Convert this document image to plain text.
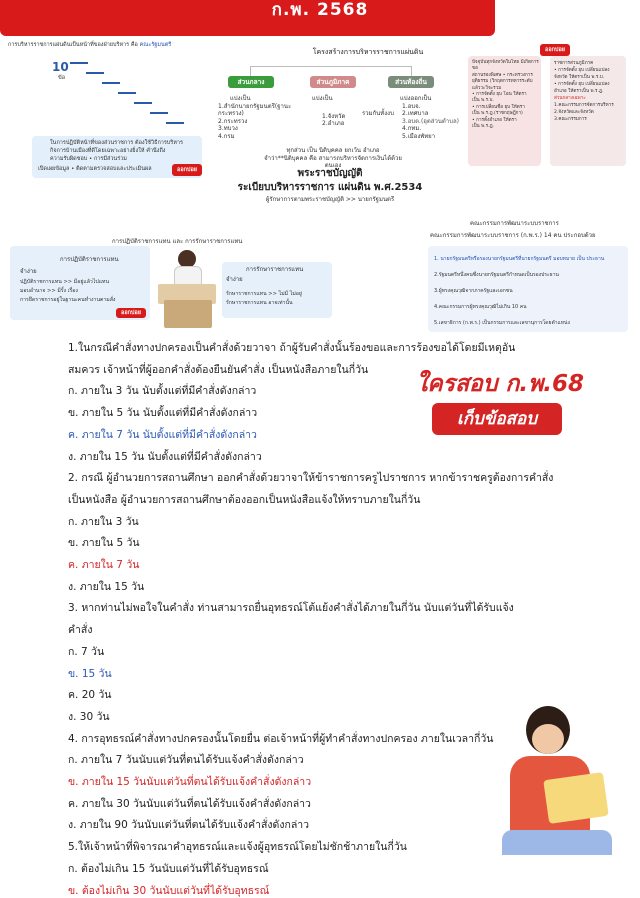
ก.พ. 2568
การบริหารราชการแผ่นดินเป็นหน้าที่ของฝ่ายบริหาร คือ คณะรัฐมนตรี
10
ข้อ
ในการปฏิบัติหน้าที่ของส่วนราชการ ต้องใช้วิธีการบริหาร
กิจการบ้านเมืองที่ดีโดยเฉพาะอย่างยิ่งให้ คำนึงถึง
ความรับผิดชอบ • การมีส่วนร่วม
เปิดเผยข้อมูล • ติดตามตรวจสอบและประเมินผล	ออกบ่อย
โครงสร้างการบริหารราชการแผ่นดิน
ส่วนกลาง	ส่วนภูมิภาค	ส่วนท้องถิ่น
แบ่งเป็น
1.สำนักนายกรัฐมนตรี(ฐานะกระทรวง)
2.กระทรวง
3.ทบวง
4.กรม
แบ่งเป็น
1.จังหวัด
2.อำเภอ
รวมกันทั้งงบ
แบ่งออกเป็น
1.อบจ.
2.เทศบาล
3.อบต.(อุตส่วนตำบล)
4.กทม.
5.เมืองพัทยา
ทุกส่วน เป็น นิติบุคคล ยกเว้น อำเภอ
จำว่า**นิติบุคคล คือ สามารถบริหารจัดการเงินได้ด้วยตนเอง
ปัจจุบันทุกจังหวัดในไทย มีเกิดการขอ
สถานรองพิเศษ • กระทรวงการ
ยุติธรรม (วิกฤตการทหารระดับ
แล้ววะวิจะรวม
• การจัดตั้ง ยุบ โอน ให้ตรา
เป็น พ.ร.บ.
• การเปลี่ยนชื่อ ยุบ ให้ตรา
เป็น พ.ร.ฎ.(ราชกฤษฎีกา)
• การตั้งอำเภอ ให้ตรา
เป็น พ.ร.ฎ.
ออกบ่อย
ราชการส่วนภูมิภาค
• การจัดตั้ง ยุบ เปลี่ยนแปลง
จังหวัด ให้ตราเป็น พ.ร.บ.
• การจัดตั้ง ยุบ เปลี่ยนแปลง
อำเภอ ให้ตราเป็น พ.ร.ฎ.
ส่วนกลางเฉพาะ
1.คณะกรรมการจัดการบริหาร
2.จังหวัดและจังหวัด
3.คณะกรรมการ
พระราชบัญญัติ
ระเบียบบริหารราชการ แผ่นดิน พ.ศ.2534
ผู้รักษาการตามพระราชบัญญัติ >> นายกรัฐมนตรี
คณะกรรมการพัฒนาระบบราชการ
คณะกรรมการพัฒนาระบบราชการ (ก.พ.ร.) 14 คน ประกอบด้วย
1. นายกรัฐมนตรีหรือรองนายกรัฐมนตรีที่นายกรัฐมนตรี มอบหมาย เป็น ประธาน
2.รัฐมนตรีหนึ่งคนซึ่งนายกรัฐมนตรีกำหนดเป็นรองประธาน
3.ผู้ทรงคุณวุฒิจากภาครัฐและเอกชน
4.คณะกรรมการผู้ทรงคุณวุฒิไม่เกิน 10 คน
5.เลขาธิการ (ก.พ.ร.) เป็นกรรมการและเลขานุการโดยตำแหน่ง
การปฏิบัติราชการแทน และ การรักษาราชการแทน
การปฏิบัติราชการแทน
จำง่าย
ปฏิบัติราชการแทน >> มีอยู่แล้วไปแทน
มอบอำนาจ >> มีรั้ง เรื่อง
การยึดราชการอยู่ในฐานะคนทำงานตามสั่ง
ออกบ่อย
การรักษาราชการแทน
จำง่าย
รักษาราชการแทน >> ไม่มี ไม่อยู่
รักษาราชการแทน อาจเท่านั้น
ใครสอบ ก.พ.68
เก็บข้อสอบ
1.ในกรณีคำสั่งทางปกครองเป็นคำสั่งด้วยวาจา ถ้าผู้รับคำสั่งนั้นร้องขอและการร้องขอได้โดยมีเหตุอัน
สมควร เจ้าหน้าที่ผู้ออกคำสั่งต้องยืนยันคำสั่ง เป็นหนังสือภายในกี่วัน
ก. ภายใน 3 วัน นับตั้งแต่ที่มีคำสั่งดังกล่าว
ข. ภายใน 5 วัน นับตั้งแต่ที่มีคำสั่งดังกล่าว
ค. ภายใน 7 วัน นับตั้งแต่ที่มีคำสั่งดังกล่าว
ง. ภายใน 15 วัน นับตั้งแต่ที่มีคำสั่งดังกล่าว
2. กรณี ผู้อำนวยการสถานศึกษา ออกคำสั่งด้วยวาจาให้ข้าราชการครูไปราชการ หากข้าราชครูต้องการคำสั่ง
เป็นหนังสือ ผู้อำนวยการสถานศึกษาต้องออกเป็นหนังสือแจ้งให้ทราบภายในกี่วัน
ก. ภายใน 3 วัน
ข. ภายใน 5 วัน
ค. ภายใน 7 วัน
ง. ภายใน 15 วัน
3. หากท่านไม่พอใจในคำสั่ง ท่านสามารถยื่นอุทธรณ์โต้แย้งคำสั่งได้ภายในกี่วัน นับแต่วันที่ได้รับแจ้ง
คำสั่ง
ก. 7 วัน
ข. 15 วัน
ค. 20 วัน
ง. 30 วัน
4. การอุทธรณ์คำสั่งทางปกครองนั้นโดยยื่น ต่อเจ้าหน้าที่ผู้ทำคำสั่งทางปกครอง ภายในเวลากี่วัน
ก. ภายใน 7 วันนับแต่วันที่ตนได้รับแจ้งคำสั่งดังกล่าว
ข. ภายใน 15 วันนับแต่วันที่ตนได้รับแจ้งคำสั่งดังกล่าว
ค. ภายใน 30 วันนับแต่วันที่ตนได้รับแจ้งคำสั่งดังกล่าว
ง. ภายใน 90 วันนับแต่วันที่ตนได้รับแจ้งคำสั่งดังกล่าว
5.ให้เจ้าหน้าที่พิจารณาคำอุทธรณ์และแจ้งผู้อุทธรณ์โดยไม่ชักช้าภายในกี่วัน
ก. ต้องไม่เกิน 15 วันนับแต่วันที่ได้รับอุทธรณ์
ข. ต้องไม่เกิน 30 วันนับแต่วันที่ได้รับอุทธรณ์
